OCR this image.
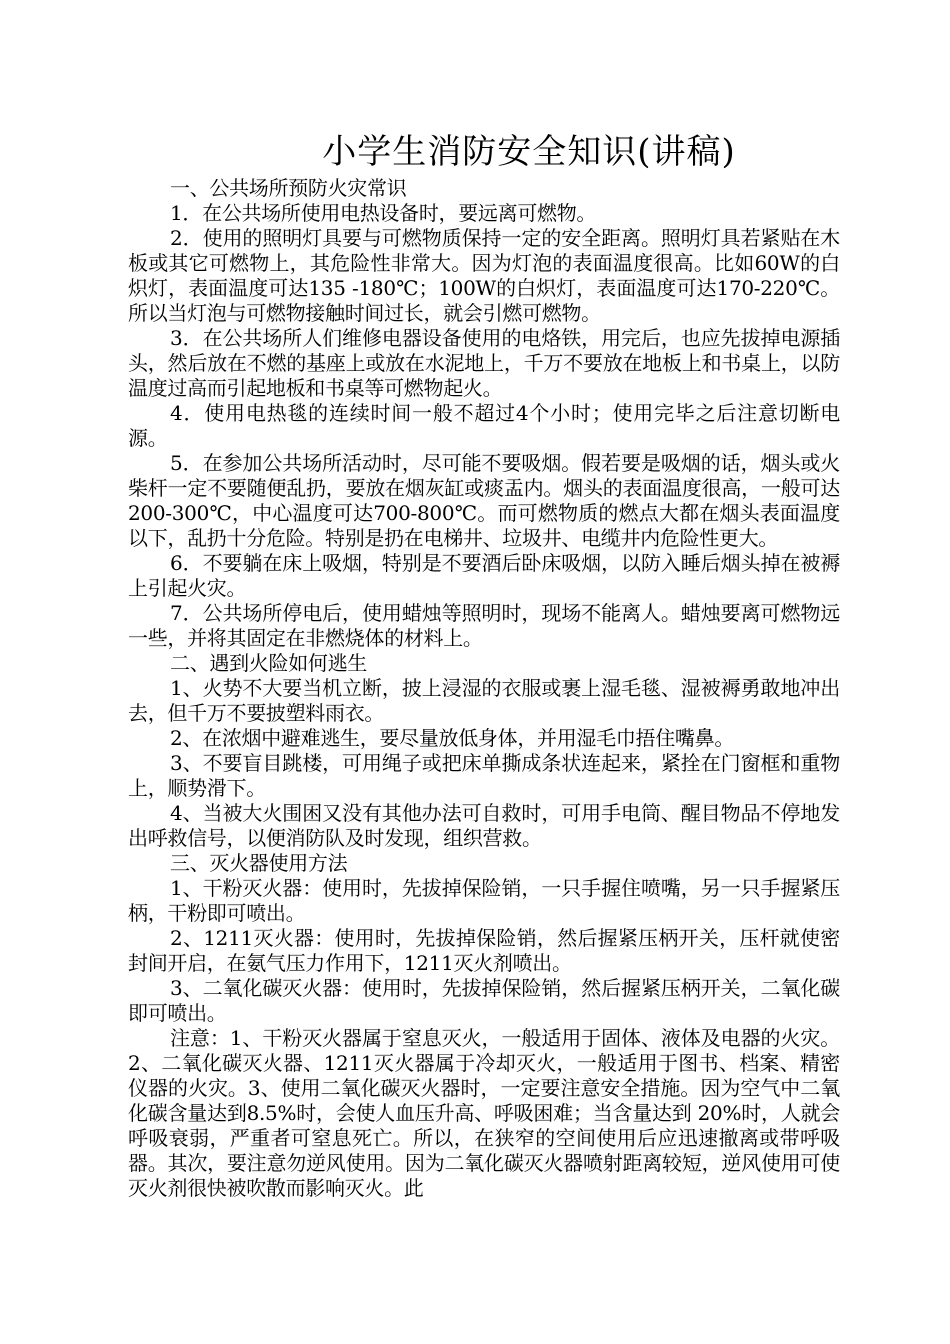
小学生消防安全知识(讲稿)

一、公共场所预防火灾常识

1．在公共场所使用电热设备时，要远离可燃物。

2．使用的照明灯具要与可燃物质保持一定的安全距离。照明灯具若紧贴在木板或其它可燃物上，其危险性非常大。因为灯泡的表面温度很高。比如60W的白炽灯，表面温度可达135 -180℃；100W的白炽灯，表面温度可达170-220℃。所以当灯泡与可燃物接触时间过长，就会引燃可燃物。

3．在公共场所人们维修电器设备使用的电烙铁，用完后，也应先拔掉电源插头，然后放在不燃的基座上或放在水泥地上，千万不要放在地板上和书桌上，以防温度过高而引起地板和书桌等可燃物起火。

4．使用电热毯的连续时间一般不超过4个小时；使用完毕之后注意切断电源。

5．在参加公共场所活动时，尽可能不要吸烟。假若要是吸烟的话，烟头或火柴杆一定不要随便乱扔，要放在烟灰缸或痰盂内。烟头的表面温度很高，一般可达200-300℃，中心温度可达700-800℃。而可燃物质的燃点大都在烟头表面温度以下，乱扔十分危险。特别是扔在电梯井、垃圾井、电缆井内危险性更大。

6．不要躺在床上吸烟，特别是不要酒后卧床吸烟，以防入睡后烟头掉在被褥上引起火灾。

7．公共场所停电后，使用蜡烛等照明时，现场不能离人。蜡烛要离可燃物远一些，并将其固定在非燃烧体的材料上。

二、遇到火险如何逃生

1、火势不大要当机立断，披上浸湿的衣服或裹上湿毛毯、湿被褥勇敢地冲出去，但千万不要披塑料雨衣。

2、在浓烟中避难逃生，要尽量放低身体，并用湿毛巾捂住嘴鼻。

3、不要盲目跳楼，可用绳子或把床单撕成条状连起来，紧拴在门窗框和重物上，顺势滑下。

4、当被大火围困又没有其他办法可自救时，可用手电筒、醒目物品不停地发出呼救信号，以便消防队及时发现，组织营救。

三、灭火器使用方法

1、干粉灭火器：使用时，先拔掉保险销，一只手握住喷嘴，另一只手握紧压柄，干粉即可喷出。

2、1211灭火器：使用时，先拔掉保险销，然后握紧压柄开关，压杆就使密封间开启，在氨气压力作用下，1211灭火剂喷出。

3、二氧化碳灭火器：使用时，先拔掉保险销，然后握紧压柄开关，二氧化碳即可喷出。

注意：1、干粉灭火器属于窒息灭火，一般适用于固体、液体及电器的火灾。2、二氧化碳灭火器、1211灭火器属于冷却灭火，一般适用于图书、档案、精密仪器的火灾。3、使用二氧化碳灭火器时，一定要注意安全措施。因为空气中二氧化碳含量达到8.5%时，会使人血压升高、呼吸困难；当含量达到 20%时，人就会呼吸衰弱，严重者可窒息死亡。所以，在狭窄的空间使用后应迅速撤离或带呼吸器。其次，要注意勿逆风使用。因为二氧化碳灭火器喷射距离较短，逆风使用可使灭火剂很快被吹散而影响灭火。此
